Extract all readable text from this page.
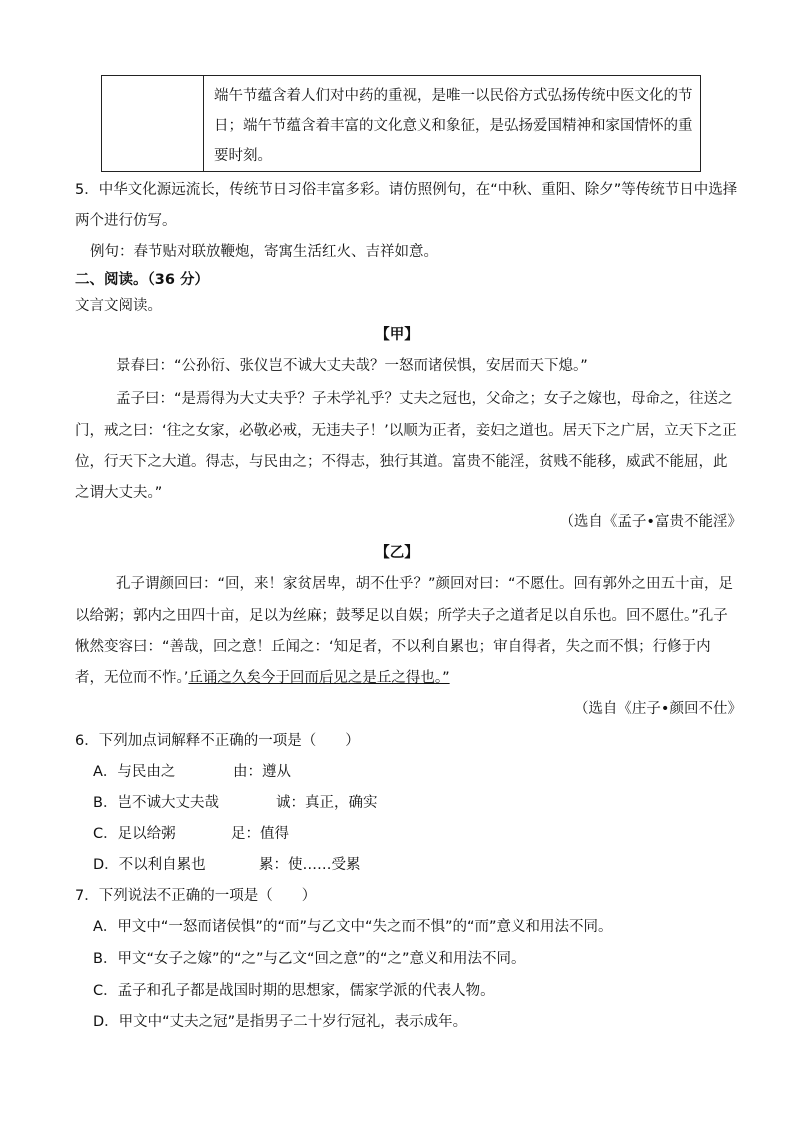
端午节蕴含着人们对中药的重视，是唯一以民俗方式弘扬传统中医文化的节日；端午节蕴含着丰富的文化意义和象征，是弘扬爱国精神和家国情怀的重要时刻。
5．中华文化源远流长，传统节日习俗丰富多彩。请仿照例句，在“中秋、重阳、除夕”等传统节日中选择
两个进行仿写。
例句：春节贴对联放鞭炮，寄寓生活红火、吉祥如意。
二、阅读。（36 分）
文言文阅读。
【甲】
景春曰：“公孙衍、张仪岂不诚大丈夫哉？一怒而诸侯惧，安居而天下熄。”
孟子曰：“是焉得为大丈夫乎？子未学礼乎？丈夫之冠也，父命之；女子之嫁也，母命之，往送之
门，戒之曰：‘往之女家，必敬必戒，无违夫子！’以顺为正者，妾妇之道也。居天下之广居，立天下之正
位，行天下之大道。得志，与民由之；不得志，独行其道。富贵不能淫，贫贱不能移，威武不能屈，此
之谓大丈夫。”
（选自《孟子•富贵不能淫》
【乙】
孔子谓颜回曰：“回，来！家贫居卑，胡不仕乎？”颜回对曰：“不愿仕。回有郭外之田五十亩，足
以给粥；郭内之田四十亩，足以为丝麻；鼓琴足以自娱；所学夫子之道者足以自乐也。回不愿仕。”孔子
愀然变容曰：“善哉，回之意！丘闻之：‘知足者，不以利自累也；审自得者，失之而不惧；行修于内
者，无位而不怍。’丘诵之久矣今于回而后见之是丘之得也。”
（选自《庄子•颜回不仕》
6．下列加点词解释不正确的一项是（　　）
A．与民由之	由：遵从
B．岂不诚大丈夫哉	诚：真正，确实
C．足以给粥	足：值得
D．不以利自累也	累：使……受累
7．下列说法不正确的一项是（　　）
A．甲文中“一怒而诸侯惧”的“而”与乙文中“失之而不惧”的“而”意义和用法不同。
B．甲文“女子之嫁”的“之”与乙文“回之意”的“之”意义和用法不同。
C．孟子和孔子都是战国时期的思想家，儒家学派的代表人物。
D．甲文中“丈夫之冠”是指男子二十岁行冠礼，表示成年。
